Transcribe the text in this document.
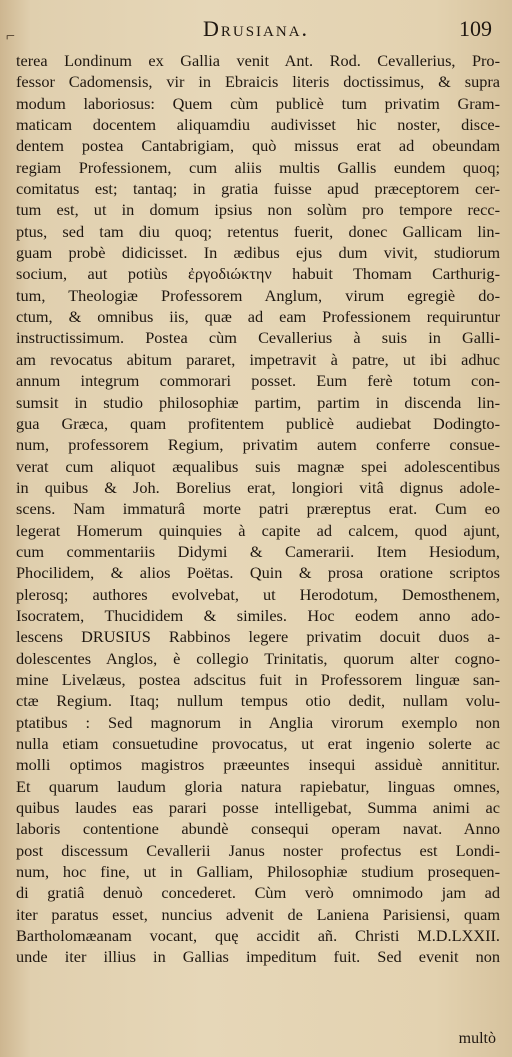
⌐	Drusiana.	109
terea Londinum ex Gallia venit Ant. Rod. Cevallerius, Pro-
fessor Cadomensis, vir in Ebraicis literis doctissimus, & supra
modum laboriosus: Quem cùm publicè tum privatim Gram-
maticam docentem aliquamdiu audivisset hic noster, disce-
dentem postea Cantabrigiam, quò missus erat ad obeundam
regiam Professionem, cum aliis multis Gallis eundem quoq;
comitatus est; tantaq; in gratia fuisse apud præceptorem cer-
tum est, ut in domum ipsius non solùm pro tempore recc-
ptus, sed tam diu quoq; retentus fuerit, donec Gallicam lin-
guam probè didicisset. In ædibus ejus dum vivit, studiorum
socium, aut potiùs ἐργοδιώκτην habuit Thomam Carthurig-
tum, Theologiæ Professorem Anglum, virum egregiè do-
ctum, & omnibus iis, quæ ad eam Professionem requiruntur
instructissimum. Postea cùm Cevallerius à suis in Galli-
am revocatus abitum pararet, impetravit à patre, ut ibi adhuc
annum integrum commorari posset. Eum ferè totum con-
sumsit in studio philosophiæ partim, partim in discenda lin-
gua Græca, quam profitentem publicè audiebat Dodingto-
num, professorem Regium, privatim autem conferre consue-
verat cum aliquot æqualibus suis magnæ spei adolescentibus
in quibus & Joh. Borelius erat, longiori vitâ dignus adole-
scens. Nam immaturâ morte patri præreptus erat. Cum eo
legerat Homerum quinquies à capite ad calcem, quod ajunt,
cum commentariis Didymi & Camerarii. Item Hesiodum,
Phocilidem, & alios Poëtas. Quin & prosa oratione scriptos
plerosq; authores evolvebat, ut Herodotum, Demosthenem,
Isocratem, Thucididem & similes. Hoc eodem anno ado-
lescens DRUSIUS Rabbinos legere privatim docuit duos a-
dolescentes Anglos, è collegio Trinitatis, quorum alter cogno-
mine Livelæus, postea adscitus fuit in Professorem linguæ san-
ctæ Regium. Itaq; nullum tempus otio dedit, nullam volu-
ptatibus : Sed magnorum in Anglia virorum exemplo non
nulla etiam consuetudine provocatus, ut erat ingenio solerte ac
molli optimos magistros præeuntes insequi assiduè annititur.
Et quarum laudum gloria natura rapiebatur, linguas omnes,
quibus laudes eas parari posse intelligebat, Summa animi ac
laboris contentione abundè consequi operam navat. Anno
post discessum Cevallerii Janus noster profectus est Londi-
num, hoc fine, ut in Galliam, Philosophiæ studium prosequen-
di gratiâ denuò concederet. Cùm verò omnimodo jam ad
iter paratus esset, nuncius advenit de Laniena Parisiensi, quam
Bartholomæanam vocant, quę accidit añ. Christi M.D.LXXII.
unde iter illius in Gallias impeditum fuit. Sed evenit non
multò
